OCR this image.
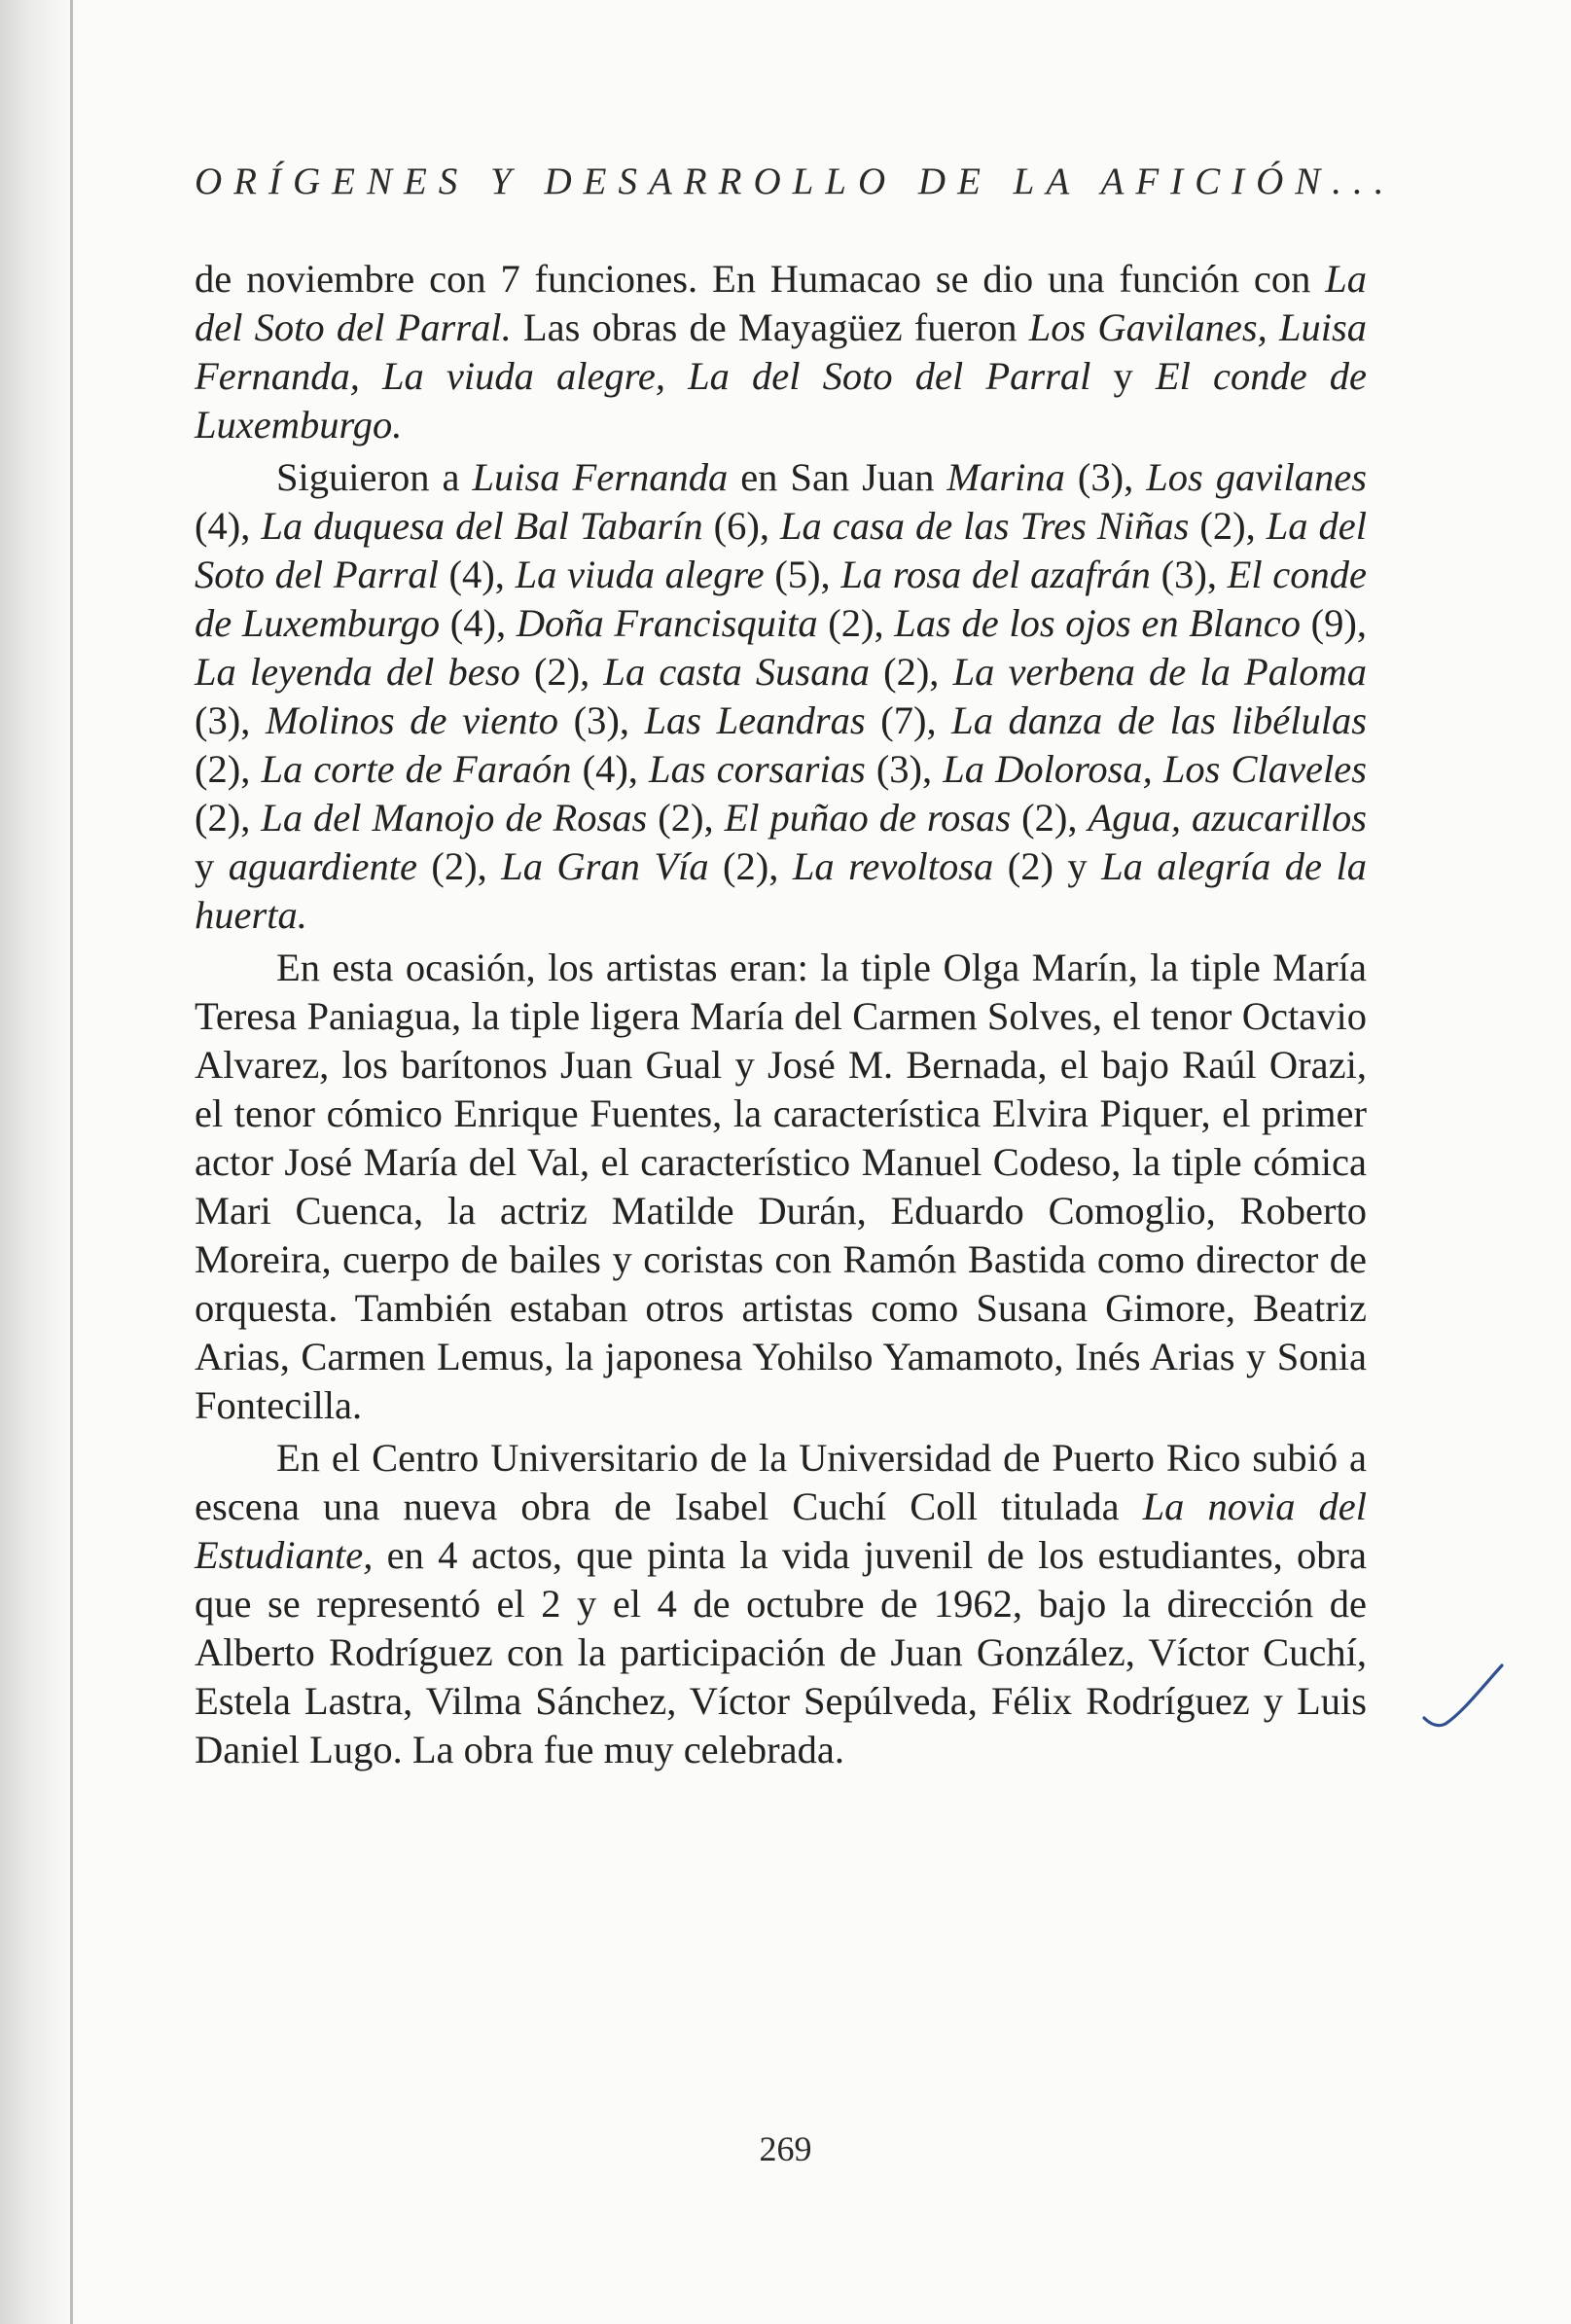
ORÍGENES Y DESARROLLO DE LA AFICIÓN...

de noviembre con 7 funciones. En Humacao se dio una función con La del Soto del Parral. Las obras de Mayagüez fueron Los Gavilanes, Luisa Fernanda, La viuda alegre, La del Soto del Parral y El conde de Luxemburgo.

Siguieron a Luisa Fernanda en San Juan Marina (3), Los gavilanes (4), La duquesa del Bal Tabarín (6), La casa de las Tres Niñas (2), La del Soto del Parral (4), La viuda alegre (5), La rosa del azafrán (3), El conde de Luxemburgo (4), Doña Francisquita (2), Las de los ojos en Blanco (9), La leyenda del beso (2), La casta Susana (2), La verbena de la Paloma (3), Molinos de viento (3), Las Leandras (7), La danza de las libélulas (2), La corte de Faraón (4), Las corsarias (3), La Dolorosa, Los Claveles (2), La del Manojo de Rosas (2), El puñao de rosas (2), Agua, azucarillos y aguardiente (2), La Gran Vía (2), La revoltosa (2) y La alegría de la huerta.

En esta ocasión, los artistas eran: la tiple Olga Marín, la tiple María Teresa Paniagua, la tiple ligera María del Carmen Solves, el tenor Octavio Alvarez, los barítonos Juan Gual y José M. Bernada, el bajo Raúl Orazi, el tenor cómico Enrique Fuentes, la característica Elvira Piquer, el primer actor José María del Val, el característico Manuel Codeso, la tiple cómica Mari Cuenca, la actriz Matilde Durán, Eduardo Comoglio, Roberto Moreira, cuerpo de bailes y coristas con Ramón Bastida como director de orquesta. También estaban otros artistas como Susana Gimore, Beatriz Arias, Carmen Lemus, la japonesa Yohilso Yamamoto, Inés Arias y Sonia Fontecilla.

En el Centro Universitario de la Universidad de Puerto Rico subió a escena una nueva obra de Isabel Cuchí Coll titulada La novia del Estudiante, en 4 actos, que pinta la vida juvenil de los estudiantes, obra que se representó el 2 y el 4 de octubre de 1962, bajo la dirección de Alberto Rodríguez con la participación de Juan González, Víctor Cuchí, Estela Lastra, Vilma Sánchez, Víctor Sepúlveda, Félix Rodríguez y Luis Daniel Lugo. La obra fue muy celebrada.

269
